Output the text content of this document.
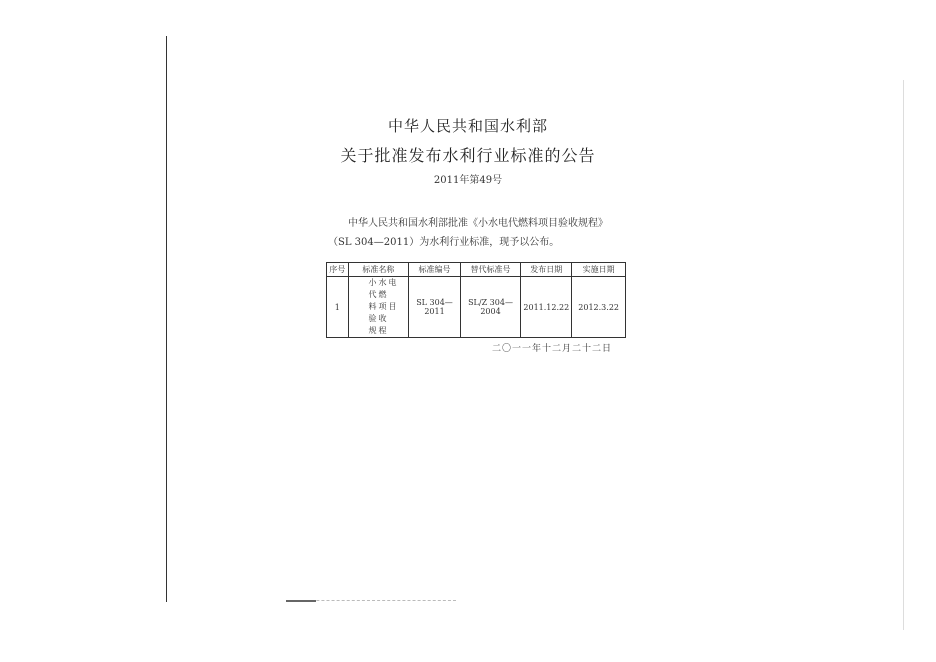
中华人民共和国水利部
关于批准发布水利行业标准的公告
2011年第49号
中华人民共和国水利部批准《小水电代燃料项目验收规程》
（SL 304—2011）为水利行业标准，现予以公布。
序号	标准名称	标准编号	替代标准号	发布日期	实施日期
1	小水电代燃
料项目验收
规程	SL 304—2011	SL/Z 304—2004	2011.12.22	2012.3.22
二〇一一年十二月二十二日
